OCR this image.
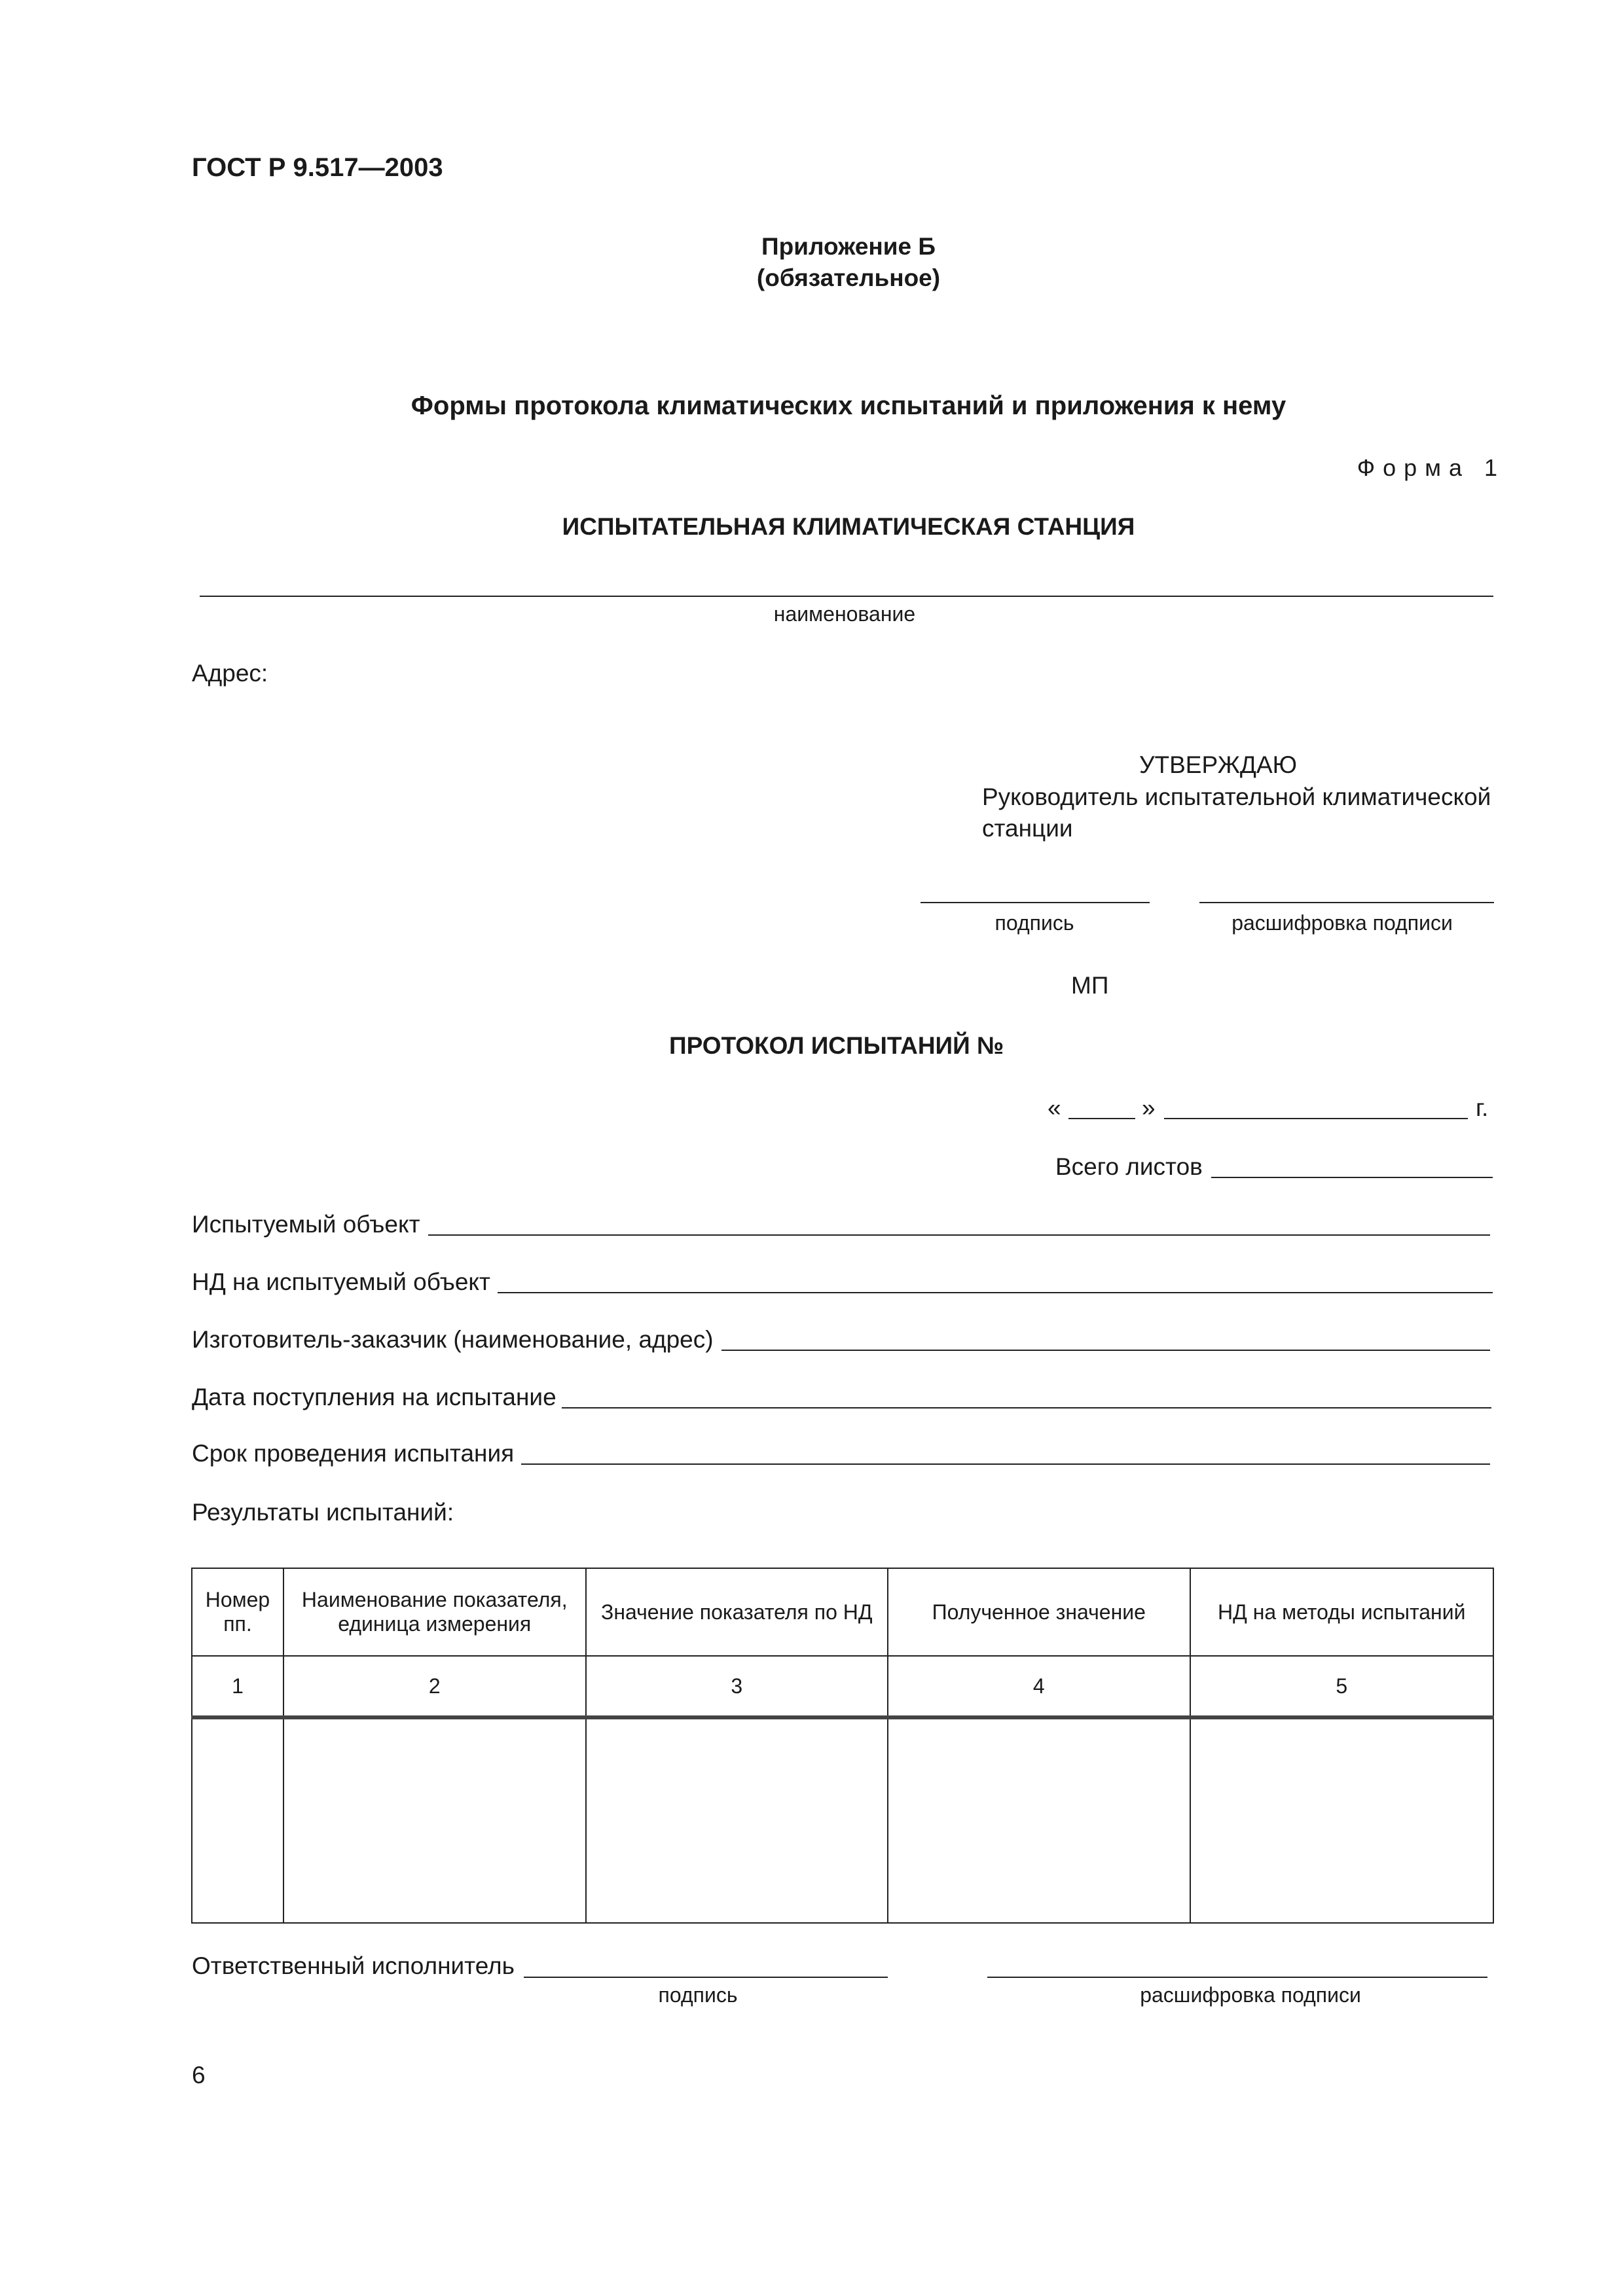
ГОСТ Р 9.517—2003
Приложение Б
(обязательное)
Формы протокола климатических испытаний и приложения к нему
Форма 1
ИСПЫТАТЕЛЬНАЯ КЛИМАТИЧЕСКАЯ СТАНЦИЯ
наименование
Адрес:
УТВЕРЖДАЮ
Руководитель испытательной климатической
станции
подпись	расшифровка подписи
МП
ПРОТОКОЛ ИСПЫТАНИЙ №
«	»	г.
Всего листов
Испытуемый объект
НД на испытуемый объект
Изготовитель-заказчик (наименование, адрес)
Дата поступления на испытание
Срок проведения испытания
Результаты испытаний:
Номер пп.	Наименование показателя, единица измерения	Значение показателя по НД	Полученное значение	НД на методы испытаний
1	2	3	4	5

Ответственный исполнитель
подпись	расшифровка подписи
6
